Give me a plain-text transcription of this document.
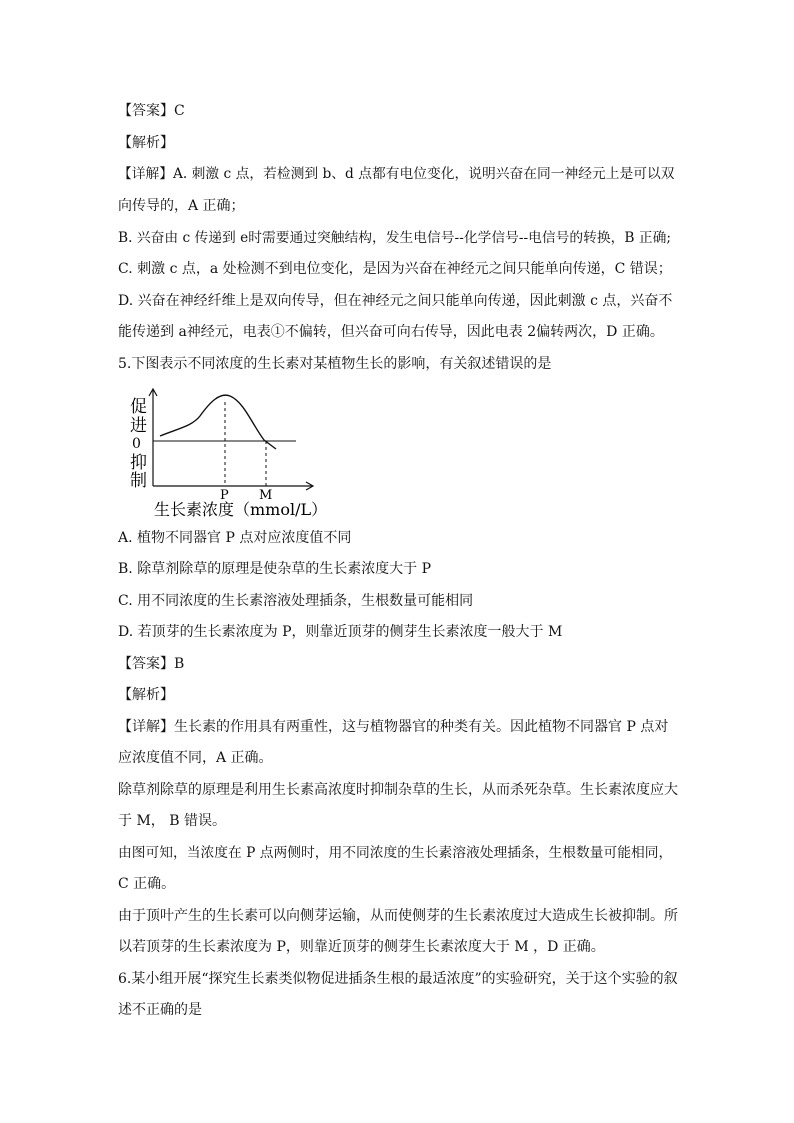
【答案】C
【解析】
【详解】A. 刺激 c 点，若检测到 b、d 点都有电位变化，说明兴奋在同一神经元上是可以双
向传导的，A 正确；
B. 兴奋由 c 传递到 e时需要通过突触结构，发生电信号--化学信号--电信号的转换，B 正确;
C. 刺激 c 点，a 处检测不到电位变化，是因为兴奋在神经元之间只能单向传递，C 错误；
D. 兴奋在神经纤维上是双向传导，但在神经元之间只能单向传递，因此刺激 c 点，兴奋不
能传递到 a神经元，电表①不偏转，但兴奋可向右传导，因此电表 2偏转两次，D 正确。
5.下图表示不同浓度的生长素对某植物生长的影响，有关叙述错误的是
促
进
0
抑
制
P M
生长素浓度（mmol/L）
A. 植物不同器官 P 点对应浓度值不同
B. 除草剂除草的原理是使杂草的生长素浓度大于 P
C. 用不同浓度的生长素溶液处理插条，生根数量可能相同
D. 若顶芽的生长素浓度为 P，则靠近顶芽的侧芽生长素浓度一般大于 M
【答案】B
【解析】
【详解】生长素的作用具有两重性，这与植物器官的种类有关。因此植物不同器官 P 点对
应浓度值不同，A 正确。
除草剂除草的原理是利用生长素高浓度时抑制杂草的生长，从而杀死杂草。生长素浓度应大
于 M， B 错误。
由图可知，当浓度在 P 点两侧时，用不同浓度的生长素溶液处理插条，生根数量可能相同，
C 正确。
由于顶叶产生的生长素可以向侧芽运输，从而使侧芽的生长素浓度过大造成生长被抑制。所
以若顶芽的生长素浓度为 P，则靠近顶芽的侧芽生长素浓度大于 M ，D 正确。
6.某小组开展“探究生长素类似物促进插条生根的最适浓度”的实验研究，关于这个实验的叙
述不正确的是
